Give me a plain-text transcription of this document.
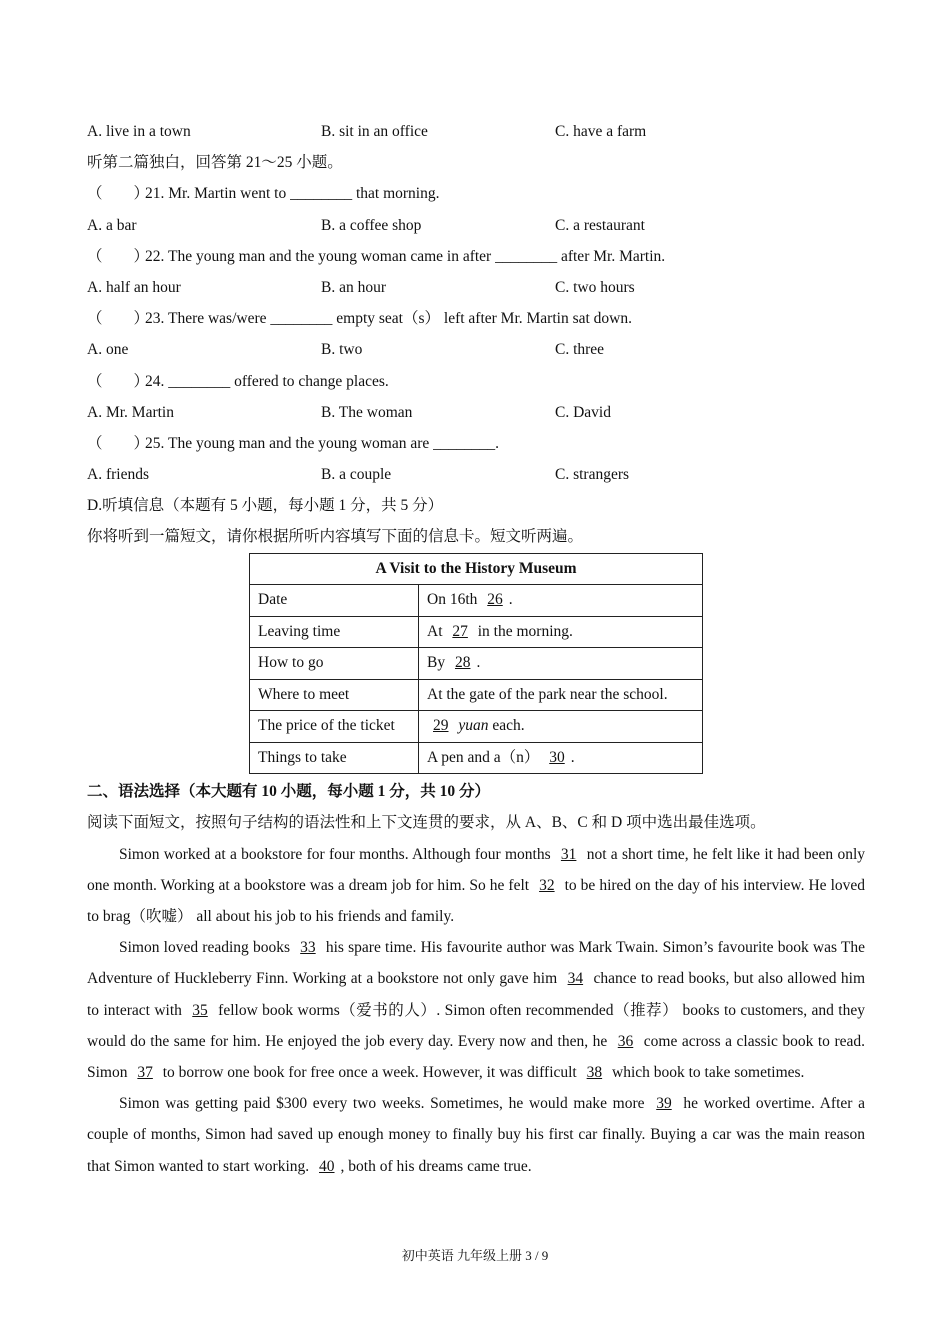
A. live in a town	B. sit in an office	C. have a farm
听第二篇独白，回答第 21～25 小题。
（　　）21. Mr. Martin went to ________ that morning.
A. a bar	B. a coffee shop	C. a restaurant
（　　）22. The young man and the young woman came in after ________ after Mr. Martin.
A. half an hour	B. an hour	C. two hours
（　　）23. There was/were ________ empty seat（s） left after Mr. Martin sat down.
A. one	B. two	C. three
（　　）24. ________ offered to change places.
A. Mr. Martin	B. The woman	C. David
（　　）25. The young man and the young woman are ________.
A. friends	B. a couple	C. strangers
D.听填信息（本题有 5 小题，每小题 1 分，共 5 分）
你将听到一篇短文，请你根据所听内容填写下面的信息卡。短文听两遍。
A Visit to the History Museum	
Date	On 16th 26 .
Leaving time	At 27 in the morning.
How to go	By 28 .
Where to meet	At the gate of the park near the school.
The price of the ticket	29 yuan each.
Things to take	A pen and a（n） 30 .
二、语法选择（本大题有 10 小题，每小题 1 分，共 10 分）
阅读下面短文，按照句子结构的语法性和上下文连贯的要求，从 A、B、C 和 D 项中选出最佳选项。

Simon worked at a bookstore for four months. Although four months 31 not a short time, he felt like it had been only one month. Working at a bookstore was a dream job for him. So he felt 32 to be hired on the day of his interview. He loved to brag（吹嘘） all about his job to his friends and family.

Simon loved reading books 33 his spare time. His favourite author was Mark Twain. Simon’s favourite book was The Adventure of Huckleberry Finn. Working at a bookstore not only gave him 34 chance to read books, but also allowed him to interact with 35 fellow book worms（爱书的人）. Simon often recommended（推荐） books to customers, and they would do the same for him. He enjoyed the job every day. Every now and then, he 36 come across a classic book to read. Simon 37 to borrow one book for free once a week. However, it was difficult 38 which book to take sometimes.

Simon was getting paid $300 every two weeks. Sometimes, he would make more 39 he worked overtime. After a couple of months, Simon had saved up enough money to finally buy his first car finally. Buying a car was the main reason that Simon wanted to start working. 40 , both of his dreams came true.

初中英语 九年级上册 3 / 9
